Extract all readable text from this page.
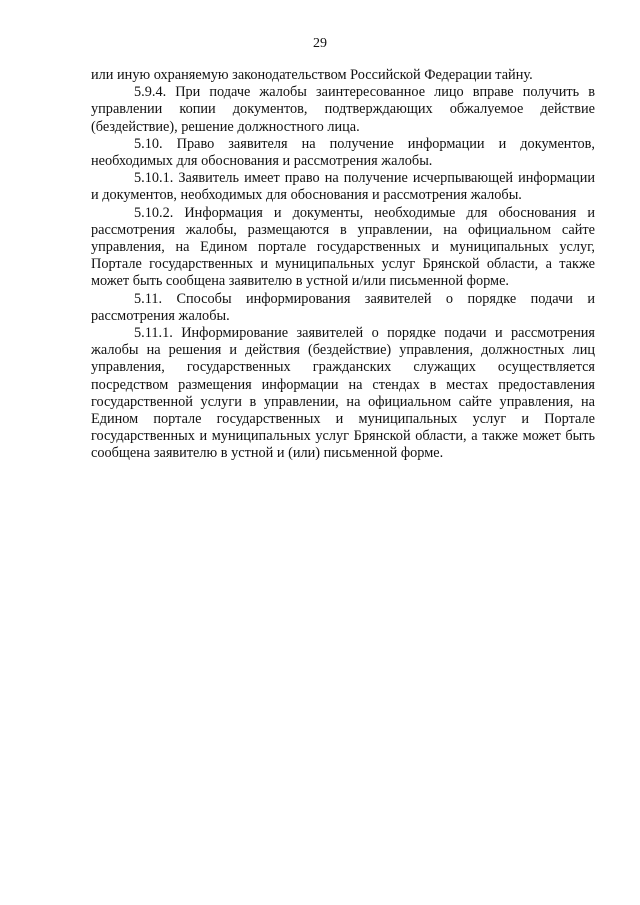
29

или иную охраняемую законодательством Российской Федерации тайну.

5.9.4. При подаче жалобы заинтересованное лицо вправе получить в управлении копии документов, подтверждающих обжалуемое действие (бездействие), решение должностного лица.

5.10. Право заявителя на получение информации и документов, необходимых для обоснования и рассмотрения жалобы.

5.10.1. Заявитель имеет право на получение исчерпывающей информации и документов, необходимых для обоснования и рассмотрения жалобы.

5.10.2. Информация и документы, необходимые для обоснования и рассмотрения жалобы, размещаются в управлении, на официальном сайте управления, на Едином портале государственных и муниципальных услуг, Портале государственных и муниципальных услуг Брянской области, а также может быть сообщена заявителю в устной и/или письменной форме.

5.11. Способы информирования заявителей о порядке подачи и рассмотрения жалобы.

5.11.1. Информирование заявителей о порядке подачи и рассмотрения жалобы на решения и действия (бездействие) управления, должностных лиц управления, государственных гражданских служащих осуществляется посредством размещения информации на стендах в местах предоставления государственной услуги в управлении, на официальном сайте управления, на Едином портале государственных и муниципальных услуг и Портале государственных и муниципальных услуг Брянской области, а также может быть сообщена заявителю в устной и (или) письменной форме.
